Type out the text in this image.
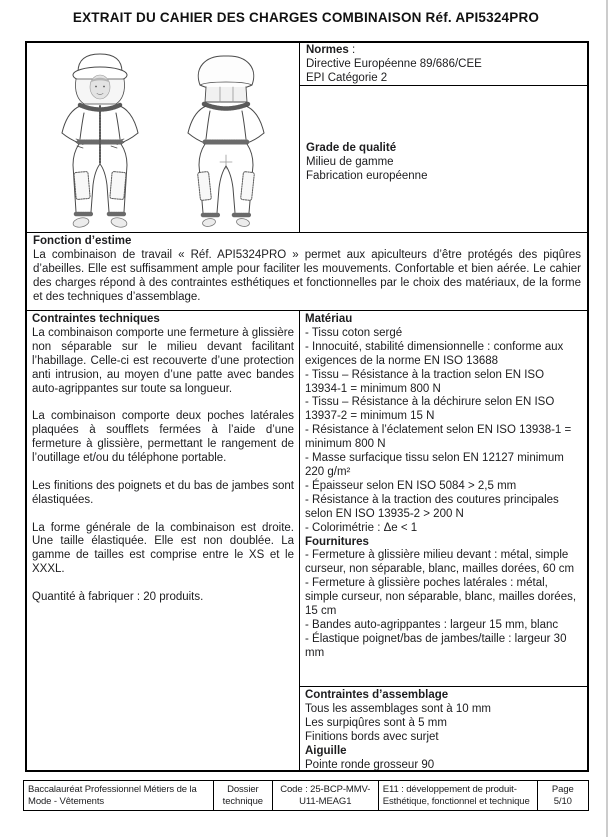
EXTRAIT DU CAHIER DES CHARGES COMBINAISON Réf. API5324PRO
Normes :
Directive Européenne 89/686/CEE
EPI Catégorie 2
Grade de qualité
Milieu de gamme
Fabrication européenne
Fonction d’estime
La combinaison de travail « Réf. API5324PRO » permet aux apiculteurs d’être protégés des piqûres d’abeilles. Elle est suffisamment ample pour faciliter les mouvements. Confortable et bien aérée. Le cahier des charges répond à des contraintes esthétiques et fonctionnelles par le choix des matériaux, de la forme et des techniques d’assemblage.
Contraintes techniques

La combinaison comporte une fermeture à glissière non séparable sur le milieu devant facilitant l’habillage. Celle-ci est recouverte d’une protection anti intrusion, au moyen d’une patte avec bandes auto-agrippantes sur toute sa longueur.

La combinaison comporte deux poches latérales plaquées à soufflets fermées à l’aide d’une fermeture à glissière, permettant le rangement de l’outillage et/ou du téléphone portable.

Les finitions des poignets et du bas de jambes sont élastiquées.

La forme générale de la combinaison est droite. Une taille élastiquée. Elle est non doublée. La gamme de tailles est comprise entre le XS et le XXXL.

Quantité à fabriquer : 20 produits.

Matériau
- Tissu coton sergé
- Innocuité, stabilité dimensionnelle : conforme aux exigences de la norme EN ISO 13688
- Tissu – Résistance à la traction selon EN ISO 13934-1 = minimum 800 N
- Tissu – Résistance à la déchirure selon EN ISO 13937-2 = minimum 15 N
- Résistance à l’éclatement selon EN ISO 13938-1 = minimum 800 N
- Masse surfacique tissu selon EN 12127 minimum 220 g/m²
- Épaisseur selon EN ISO 5084 > 2,5 mm
- Résistance à la traction des coutures principales selon EN ISO 13935-2 > 200 N
- Colorimétrie : Δe < 1
Fournitures
- Fermeture à glissière milieu devant : métal, simple curseur, non séparable, blanc, mailles dorées, 60 cm
- Fermeture à glissière poches latérales : métal, simple curseur, non séparable, blanc, mailles dorées, 15 cm
- Bandes auto-agrippantes : largeur 15 mm, blanc
- Élastique poignet/bas de jambes/taille : largeur 30 mm
Contraintes d’assemblage
Tous les assemblages sont à 10 mm
Les surpiqûres sont à 5 mm
Finitions bords avec surjet
Aiguille
Pointe ronde grosseur 90
Baccalauréat Professionnel Métiers de la
Mode - Vêtements
Dossier
technique
Code : 25-BCP-MMV-
U11-MEAG1
E11 : développement de produit-
Esthétique, fonctionnel et technique
Page 5/10
